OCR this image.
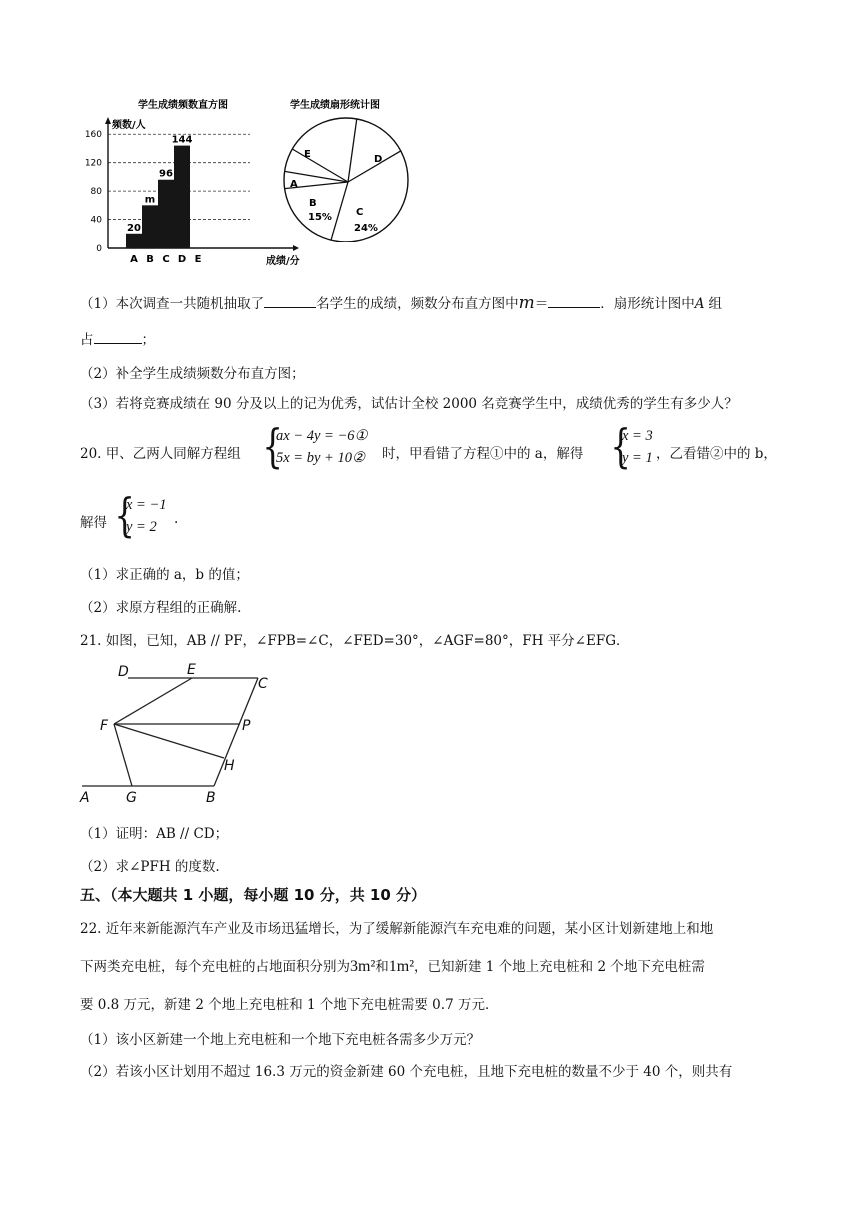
学生成绩频数直方图
0
40
80
120
160
频数/人
成绩/分
A
20
B
m
C
96
D
144
E
学生成绩扇形统计图
A
B
15% C
24%
D
E
（1）本次调查一共随机抽取了	名学生的成绩，频数分布直方图中m＝	．扇形统计图中A 组
占	；
（2）补全学生成绩频数分布直方图；
（3）若将竞赛成绩在 90 分及以上的记为优秀，试估计全校 2000 名竞赛学生中，成绩优秀的学生有多少人？
20. 甲、乙两人同解方程组 {
ax − 4y = −6①
5x = by + 10② 时，甲看错了方程①中的 a，解得 {
x = 3
y = 1 ，乙看错②中的 b，
解得 {
x = −1
y = 2	.
（1）求正确的 a，b 的值；
（2）求原方程组的正确解.
21. 如图，已知，AB // PF，∠FPB=∠C，∠FED=30°，∠AGF=80°，FH 平分∠EFG．
D	E
C
F	P
H
A	G	B
（1）证明：AB // CD；
（2）求∠PFH 的度数.
五、（本大题共 1 小题，每小题 10 分，共 10 分）
22. 近年来新能源汽车产业及市场迅猛增长，为了缓解新能源汽车充电难的问题，某小区计划新建地上和地
下两类充电桩，每个充电桩的占地面积分别为3m²和1m²，已知新建 1 个地上充电桩和 2 个地下充电桩需
要 0.8 万元，新建 2 个地上充电桩和 1 个地下充电桩需要 0.7 万元．
（1）该小区新建一个地上充电桩和一个地下充电桩各需多少万元？
（2）若该小区计划用不超过 16.3 万元的资金新建 60 个充电桩，且地下充电桩的数量不少于 40 个，则共有
